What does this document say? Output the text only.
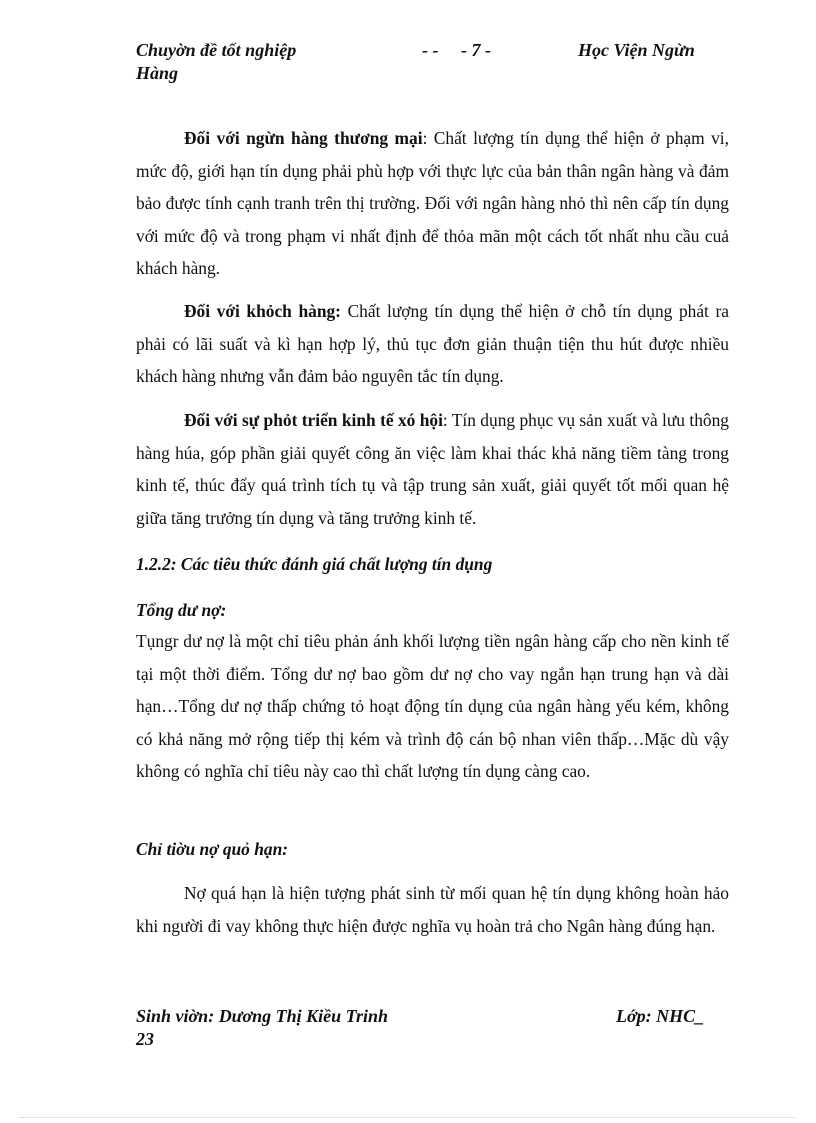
Chuyờn đề tốt nghiệp
Hàng
- -     - 7 -	Học Viện Ngừn

Đối với ngừn hàng thương mại: Chất lượng tín dụng thể hiện ở phạm vi, mức độ, giới hạn tín dụng phải phù hợp với thực lực của bản thân ngân hàng và đảm bảo được tính cạnh tranh trên thị trường. Đối với ngân hàng nhỏ thì nên cấp tín dụng với mức độ và trong phạm vi nhất định để thỏa mãn một cách tốt nhất nhu cầu cuả khách hàng.

Đối với khỏch hàng: Chất lượng tín dụng thể hiện ở chỗ tín dụng phát ra phải có lãi suất và kì hạn hợp lý, thủ tục đơn giản thuận tiện thu hút được nhiều khách hàng nhưng vẫn đảm bảo nguyên tắc tín dụng.

Đối với sự phỏt triển kinh tế xó hội: Tín dụng phục vụ sản xuất và lưu thông hàng húa, góp phần giải quyết công ăn việc làm khai thác khả năng tiềm tàng trong kinh tế, thúc đẩy quá trình tích tụ và tập trung sản xuất, giải quyết tốt mối quan hệ giữa tăng trưởng tín dụng và tăng trưởng kinh tế.

1.2.2: Các tiêu thức đánh giá chất lượng tín dụng
Tổng dư nợ:

Tụngr dư nợ là một chỉ tiêu phản ánh khối lượng tiền ngân hàng cấp cho nền kinh tế tại một thời điểm. Tổng dư nợ bao gồm dư nợ cho vay ngắn hạn trung hạn và dài hạn…Tổng dư nợ thấp chứng tỏ hoạt động tín dụng của ngân hàng yếu kém, không có khả năng mở rộng tiếp thị kém và trình độ cán bộ nhan viên thấp…Mặc dù vậy không có nghĩa chỉ tiêu này cao thì chất lượng tín dụng càng cao.

Chỉ tiờu nợ quỏ hạn:

Nợ quá hạn là hiện tượng phát sinh từ mối quan hệ tín dụng không hoàn hảo khi người đi vay không thực hiện được nghĩa vụ hoàn trả cho Ngân hàng đúng hạn.

Sinh viờn: Dương Thị Kiều Trinh
23
Lớp: NHC_
